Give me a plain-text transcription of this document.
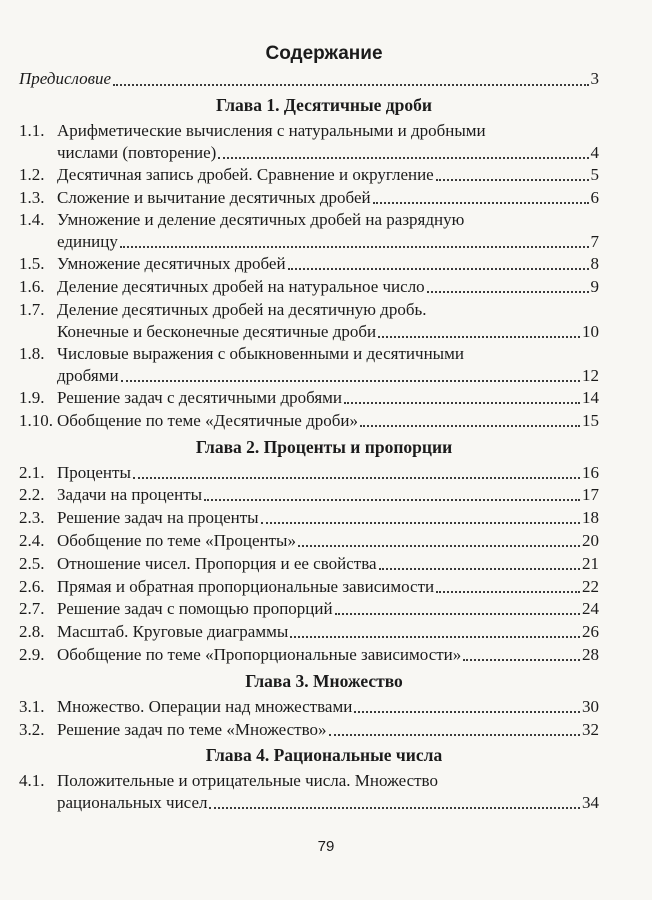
Содержание
Предисловие	3
Глава 1. Десятичные дроби
1.1. Арифметические вычисления с натуральными и дробными
числами (повторение)	4
1.2. Десятичная запись дробей. Сравнение и округление	5
1.3. Сложение и вычитание десятичных дробей	6
1.4. Умножение и деление десятичных дробей на разрядную
единицу	7
1.5. Умножение десятичных дробей	8
1.6. Деление десятичных дробей на натуральное число	9
1.7. Деление десятичных дробей на десятичную дробь.
Конечные и бесконечные десятичные дроби	10
1.8. Числовые выражения с обыкновенными и десятичными
дробями	12
1.9. Решение задач с десятичными дробями	14
1.10. Обобщение по теме «Десятичные дроби»	15
Глава 2. Проценты и пропорции
2.1. Проценты	16
2.2. Задачи на проценты	17
2.3. Решение задач на проценты	18
2.4. Обобщение по теме «Проценты»	20
2.5. Отношение чисел. Пропорция и ее свойства	21
2.6. Прямая и обратная пропорциональные зависимости	22
2.7. Решение задач с помощью пропорций	24
2.8. Масштаб. Круговые диаграммы	26
2.9. Обобщение по теме «Пропорциональные зависимости»	28
Глава 3. Множество
3.1. Множество. Операции над множествами	30
3.2. Решение задач по теме «Множество»	32
Глава 4. Рациональные числа
4.1. Положительные и отрицательные числа. Множество
рациональных чисел	34
79
